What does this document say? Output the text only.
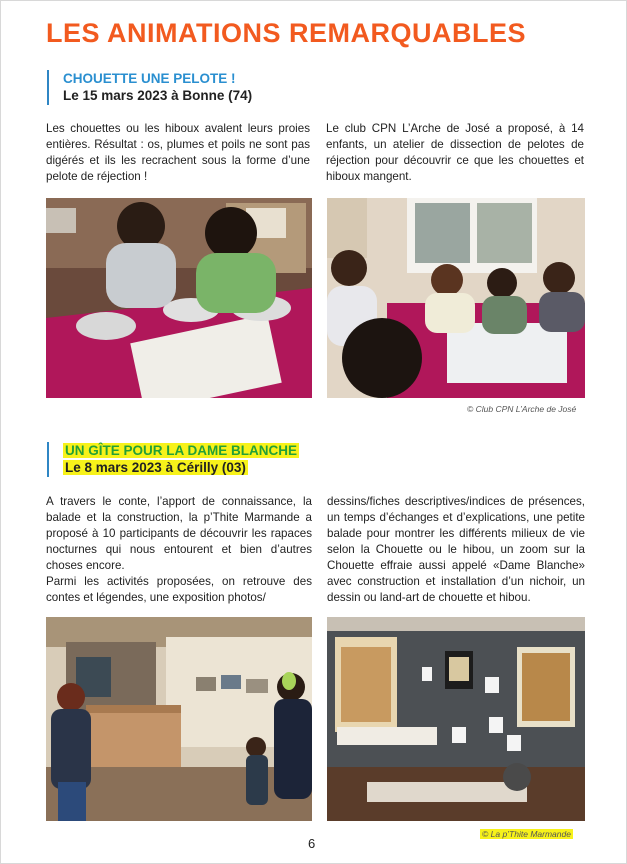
LES ANIMATIONS REMARQUABLES
CHOUETTE UNE PELOTE !
Le 15 mars 2023 à Bonne (74)
Les chouettes ou les hiboux avalent leurs proies entières. Résultat : os, plumes et poils ne sont pas digérés et ils les recrachent sous la forme d’une pelote de réjection !
Le club CPN L’Arche de José a proposé, à 14 enfants, un atelier de dissection de pelotes de réjection pour découvrir ce que les chouettes et hiboux mangent.
© Club CPN L’Arche de José
UN GÎTE POUR LA DAME BLANCHE
Le 8 mars 2023 à Cérilly (03)
A travers le conte, l’apport de connaissance, la balade et la construction, la p’Thite Marmande a proposé à 10 participants de découvrir les rapaces nocturnes qui nous entourent et bien d’autres choses encore.
Parmi les activités proposées, on retrouve des contes et légendes, une exposition photos/
dessins/fiches descriptives/indices de présences, un temps d’échanges et d’explications, une petite balade pour montrer les différents milieux de vie selon la Chouette ou le hibou, un zoom sur la Chouette effraie aussi appelé «Dame Blanche» avec construction et installation d’un nichoir, un dessin ou land-art de chouette et hibou.
© La p’Thite Marmande
6
